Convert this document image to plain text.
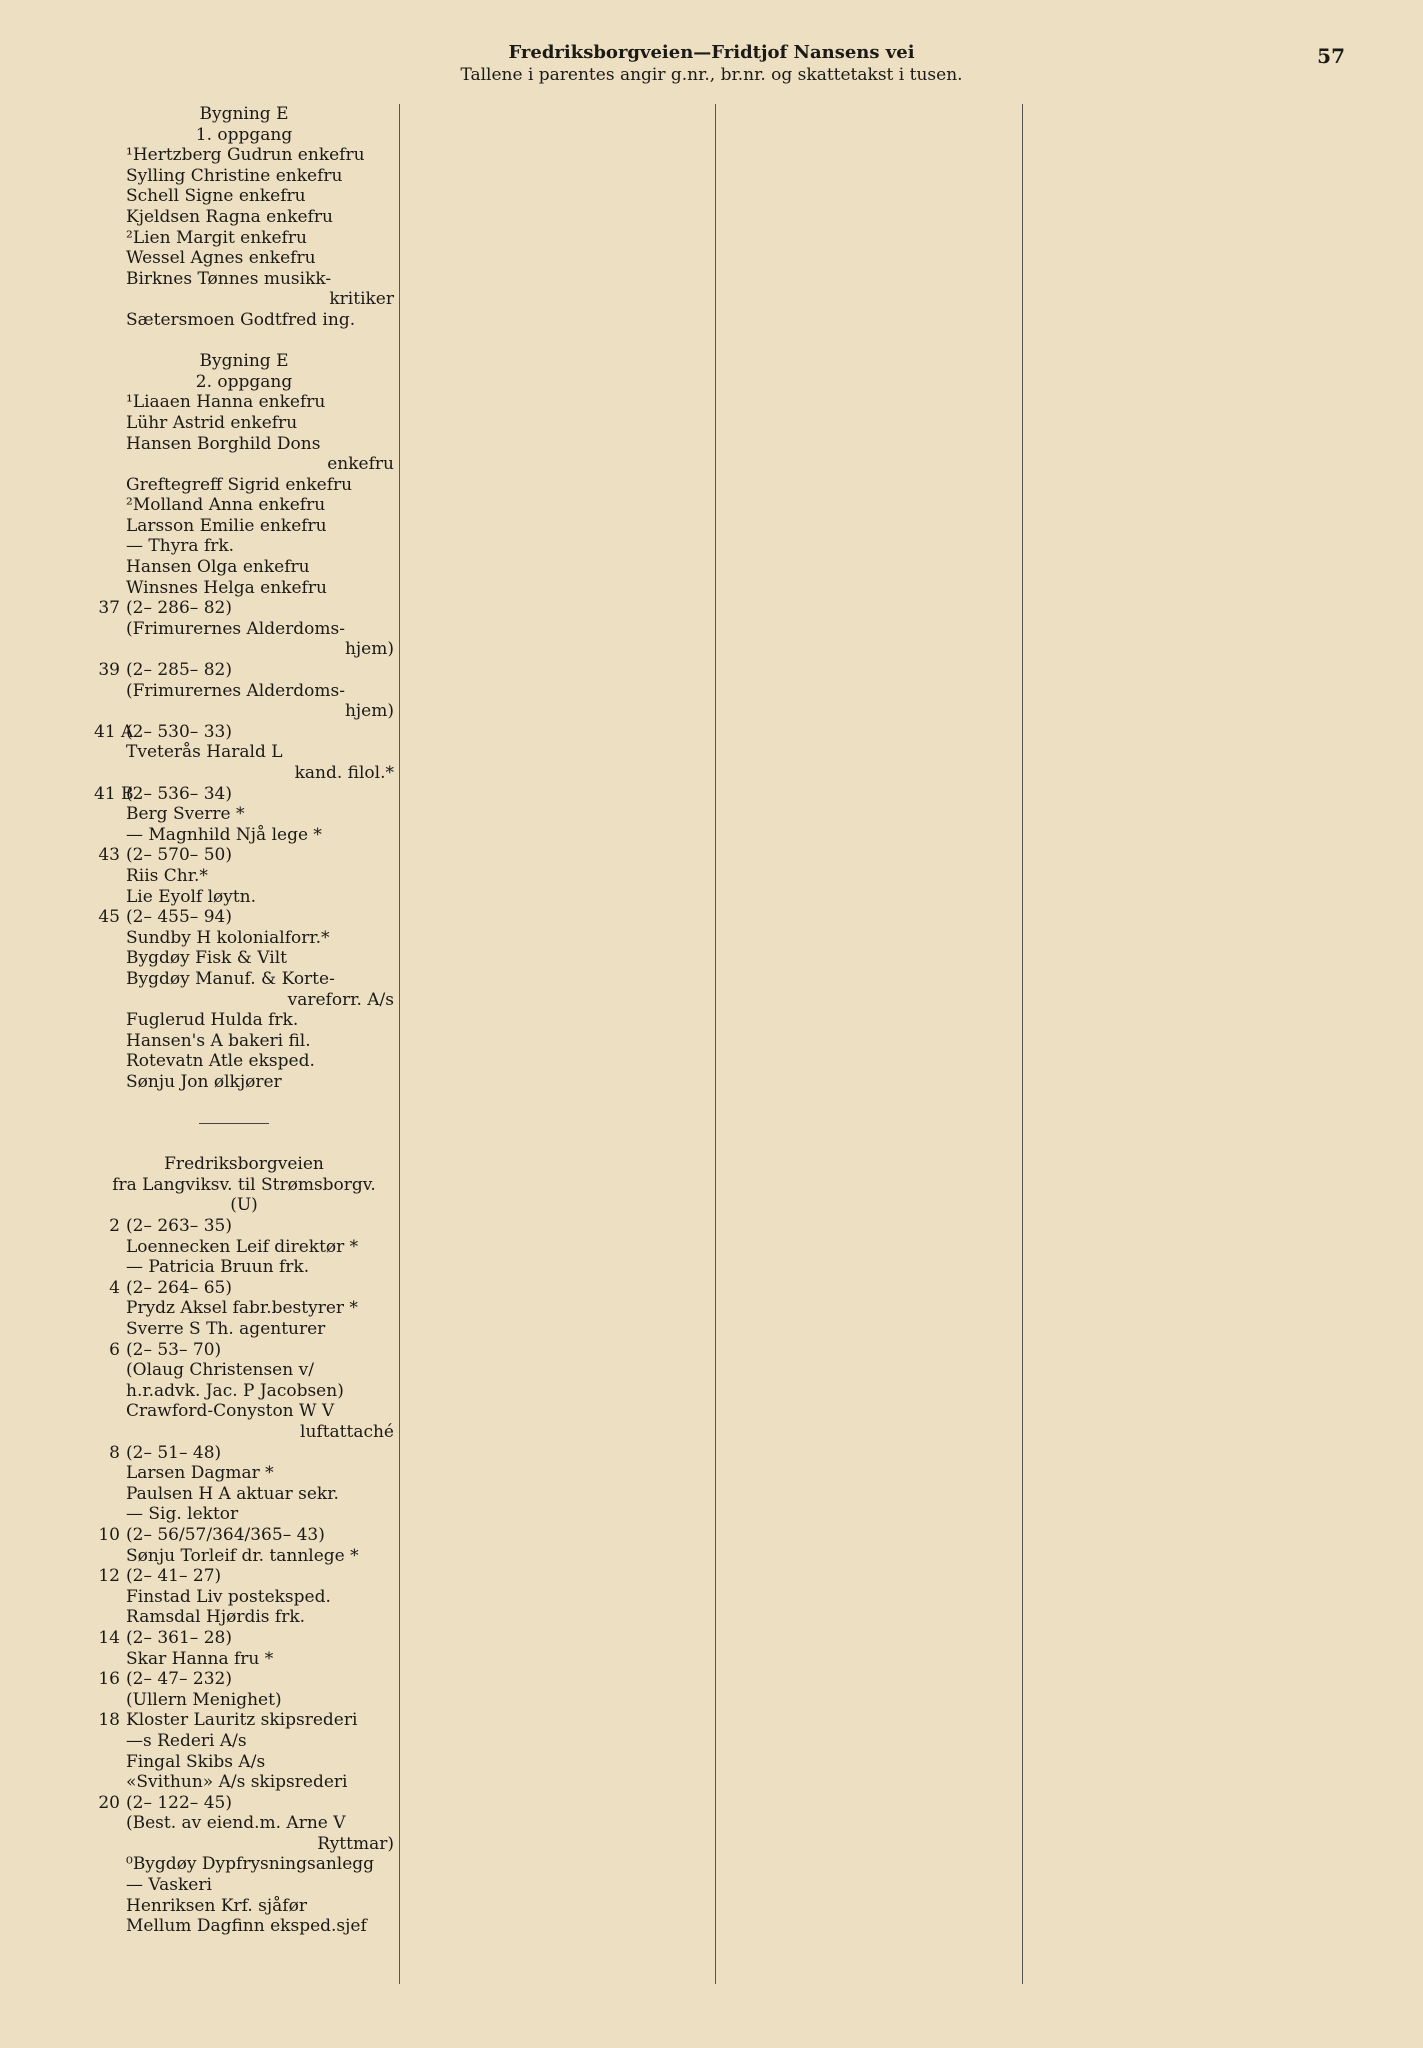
Fredriksborgveien—Fridtjof Nansens vei
Tallene i parentes angir g.nr., br.nr. og skattetakst i tusen.
57
Bygning E
1. oppgang
¹Hertzberg Gudrun enkefru
Sylling Christine enkefru
Schell Signe enkefru
Kjeldsen Ragna enkefru
²Lien Margit enkefru
Wessel Agnes enkefru
Birknes Tønnes musikk-
kritiker
Sætersmoen Godtfred ing.
Bygning E
2. oppgang
¹Liaaen Hanna enkefru
Lühr Astrid enkefru
Hansen Borghild Dons
enkefru
Greftegreff Sigrid enkefru
²Molland Anna enkefru
Larsson Emilie enkefru
— Thyra frk.
Hansen Olga enkefru
Winsnes Helga enkefru
37 (2– 286– 82)
(Frimurernes Alderdoms-
hjem)
39 (2– 285– 82)
(Frimurernes Alderdoms-
hjem)
41 A
(2– 530– 33)
Tveterås Harald L
kand. filol.*
41 B
(2– 536– 34)
Berg Sverre *
— Magnhild Njå lege *
43 (2– 570– 50)
Riis Chr.*
Lie Eyolf løytn.
45 (2– 455– 94)
Sundby H kolonialforr.*
Bygdøy Fisk & Vilt
Bygdøy Manuf. & Korte-
vareforr. A/s
Fuglerud Hulda frk.
Hansen's A bakeri fil.
Rotevatn Atle eksped.
Sønju Jon ølkjører
Fredriksborgveien
fra Langviksv. til Strømsborgv.
(U)
2 (2– 263– 35)
Loennecken Leif direktør *
— Patricia Bruun frk.
4 (2– 264– 65)
Prydz Aksel fabr.bestyrer *
Sverre S Th. agenturer
6 (2– 53– 70)
(Olaug Christensen v/
h.r.advk. Jac. P Jacobsen)
Crawford-Conyston W V
luftattaché
8 (2– 51– 48)
Larsen Dagmar *
Paulsen H A aktuar sekr.
— Sig. lektor
10 (2– 56/57/364/365– 43)
Sønju Torleif dr. tannlege *
12 (2– 41– 27)
Finstad Liv posteksped.
Ramsdal Hjørdis frk.
14 (2– 361– 28)
Skar Hanna fru *
16 (2– 47– 232)
(Ullern Menighet)
18 Kloster Lauritz skipsrederi
—s Rederi A/s
Fingal Skibs A/s
«Svithun» A/s skipsrederi
20 (2– 122– 45)
(Best. av eiend.m. Arne V
Ryttmar)
⁰Bygdøy Dypfrysningsanlegg
— Vaskeri
Henriksen Krf. sjåfør
Mellum Dagfinn eksped.sjef
